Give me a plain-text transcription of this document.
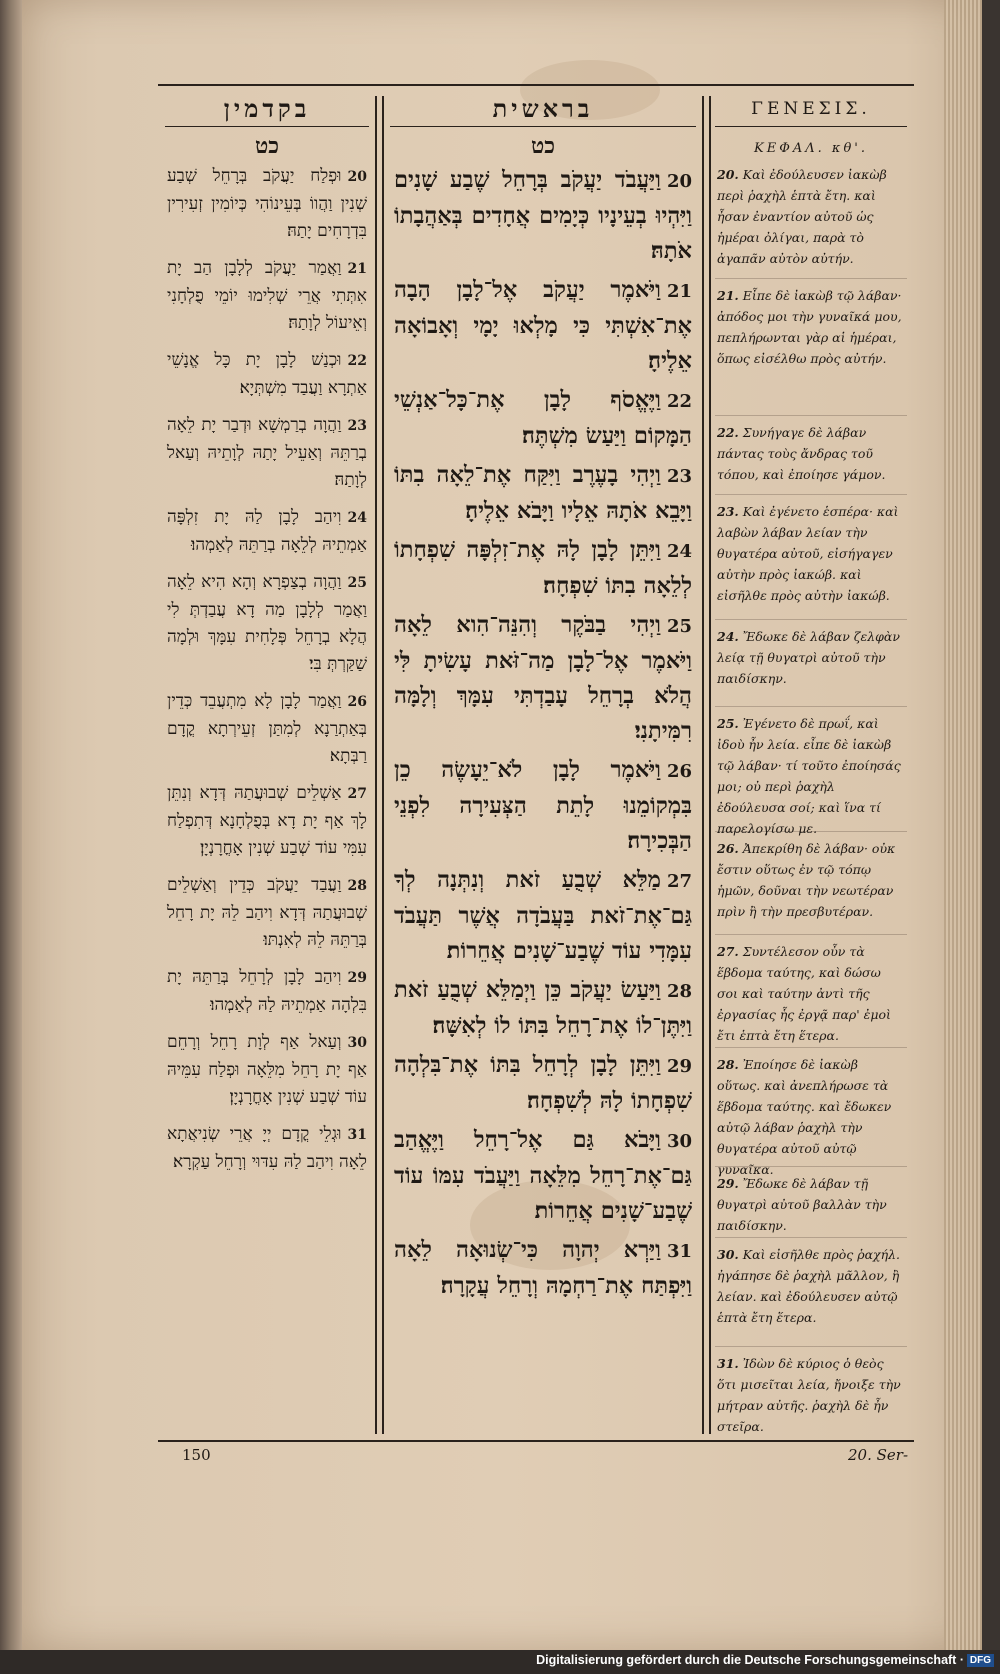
בקדמין
כט

20וּפְלַח יַעֲקֹב בְּרָחֵל שְׁבַע שְׁנִין וַהֲווֹ בְּעֵינוֹהִי כְּיוֹמִין זְעִירִין בִּדְרָחִים יָתַהּ׃

21וַאֲמַר יַעֲקֹב לְלָבָן הַב יָת אִתְּתִי אֲרֵי שְׁלִימוּ יוֹמֵי פֻלְחָנִי וְאֵיעוֹל לְוָתַהּ׃

22וּכְנַשׁ לָבָן יָת כָּל אֱנָשֵׁי אַתְרָא וַעֲבַד מִשְׁתְּיָא׃

23וַהֲוָה בְרַמְשָׁא וּדְבַר יָת לֵאָה בְרַתֵּהּ וְאַעֵיל יָתַהּ לְוָתֵיהּ וְעַאל לְוָתַהּ׃

24וִיהַב לָבָן לַהּ יָת זִלְפָּה אַמְתֵיהּ לְלֵאָה בְרַתֵּהּ לְאַמְהוּ׃

25וַהֲוָה בְצַפְרָא וְהָא הִיא לֵאָה וַאֲמַר לְלָבָן מַה דָא עֲבַדְתְּ לִי הֲלָא בְרָחֵל פְּלָחִית עִמָּךְ וּלְמָה שַׁקַּרְתְּ בִּי׃

26וַאֲמַר לָבָן לָא מִתְעֲבֵד כְּדֵין בְּאַתְרַנָא לְמִתַּן זְעֵירְתָא קֳדָם רַבְּתָא׃

27אַשְׁלֵים שְׁבוּעֲתַהּ דְּדָא וְנִתֵּן לָךְ אַף יָת דָא בְּפֻלְחָנָא דְּתִפְלַח עִמִּי עוֹד שְׁבַע שְׁנִין אָחֳרָנְיָן׃

28וַעֲבַד יַעֲקֹב כְּדֵין וְאַשְׁלֵים שְׁבוּעֲתַהּ דְּדָא וִיהַב לֵהּ יָת רָחֵל בְּרַתֵּהּ לֵהּ לְאִנְתּוּ׃

29וִיהַב לָבָן לְרָחֵל בְּרַתֵּהּ יָת בִּלְהָה אַמְתֵיהּ לַהּ לְאַמְהוּ׃

30וְעַאל אַף לְוָת רָחֵל וְרָחֵם אַף יָת רָחֵל מִלֵּאָה וּפְלַח עִמֵּיהּ עוֹד שְׁבַע שְׁנִין אָחֳרָנְיָן׃

31וּגְלֵי קֳדָם יְיָ אֲרֵי שְׂנִיאֲתָא לֵאָה וִיהַב לַהּ עִדּוּי וְרָחֵל עַקְרָא׃

בראשית
כט

20וַיַּעֲבֹד יַעֲקֹב בְּרָחֵל שֶׁבַע שָׁנִים וַיִּהְיוּ בְעֵינָיו כְּיָמִים אֲחָדִים בְּאַהֲבָתוֹ אֹתָהּ׃

21וַיֹּאמֶר יַעֲקֹב אֶל־לָבָן הָבָה אֶת־אִשְׁתִּי כִּי מָלְאוּ יָמָי וְאָבוֹאָה אֵלֶיהָ׃

22וַיֶּאֱסֹף לָבָן אֶת־כָּל־אַנְשֵׁי הַמָּקוֹם וַיַּעַשׂ מִשְׁתֶּה׃

23וַיְהִי בָעֶרֶב וַיִּקַּח אֶת־לֵאָה בִתּוֹ וַיָּבֵא אֹתָהּ אֵלָיו וַיָּבֹא אֵלֶיהָ׃

24וַיִּתֵּן לָבָן לָהּ אֶת־זִלְפָּה שִׁפְחָתוֹ לְלֵאָה בִתּוֹ שִׁפְחָה׃

25וַיְהִי בַבֹּקֶר וְהִנֵּה־הִוא לֵאָה וַיֹּאמֶר אֶל־לָבָן מַה־זֹּאת עָשִׂיתָ לִּי הֲלֹא בְרָחֵל עָבַדְתִּי עִמָּךְ וְלָמָּה רִמִּיתָנִי׃

26וַיֹּאמֶר לָבָן לֹא־יֵעָשֶׂה כֵן בִּמְקוֹמֵנוּ לָתֵת הַצְּעִירָה לִפְנֵי הַבְּכִירָה׃

27מַלֵּא שְׁבֻעַ זֹאת וְנִתְּנָה לְךָ גַּם־אֶת־זֹאת בַּעֲבֹדָה אֲשֶׁר תַּעֲבֹד עִמָּדִי עוֹד שֶׁבַע־שָׁנִים אֲחֵרוֹת׃

28וַיַּעַשׂ יַעֲקֹב כֵּן וַיְמַלֵּא שְׁבֻעַ זֹאת וַיִּתֶּן־לוֹ אֶת־רָחֵל בִּתּוֹ לוֹ לְאִשָּׁה׃

29וַיִּתֵּן לָבָן לְרָחֵל בִּתּוֹ אֶת־בִּלְהָה שִׁפְחָתוֹ לָהּ לְשִׁפְחָה׃

30וַיָּבֹא גַּם אֶל־רָחֵל וַיֶּאֱהַב גַּם־אֶת־רָחֵל מִלֵּאָה וַיַּעֲבֹד עִמּוֹ עוֹד שֶׁבַע־שָׁנִים אֲחֵרוֹת׃

31וַיַּרְא יְהוָה כִּי־שְׂנוּאָה לֵאָה וַיִּפְתַּח אֶת־רַחְמָהּ וְרָחֵל עֲקָרָה׃

ΓΕΝΕΣΙΣ.
ΚΕΦΑΛ. κθ'.
20. Καὶ ἐδούλευσεν ἰακὼβ περὶ ῥαχὴλ ἑπτὰ ἔτη. καὶ ἦσαν ἐναντίον αὐτοῦ ὡς ἡμέραι ὀλίγαι, παρὰ τὸ ἀγαπᾶν αὐτὸν αὐτήν.
21. Εἶπε δὲ ἰακὼβ τῷ λάβαν· ἀπόδος μοι τὴν γυναῖκά μου, πεπλήρωνται γὰρ αἱ ἡμέραι, ὅπως εἰσέλθω πρὸς αὐτήν.
22. Συνήγαγε δὲ λάβαν πάντας τοὺς ἄνδρας τοῦ τόπου, καὶ ἐποίησε γάμον.
23. Καὶ ἐγένετο ἑσπέρα· καὶ λαβὼν λάβαν λείαν τὴν θυγατέρα αὐτοῦ, εἰσήγαγεν αὐτὴν πρὸς ἰακώβ. καὶ εἰσῆλθε πρὸς αὐτὴν ἰακώβ.
24. Ἔδωκε δὲ λάβαν ζελφὰν λείᾳ τῇ θυγατρὶ αὐτοῦ τὴν παιδίσκην.
25. Ἐγένετο δὲ πρωΐ, καὶ ἰδοὺ ἦν λεία. εἶπε δὲ ἰακὼβ τῷ λάβαν· τί τοῦτο ἐποίησάς μοι; οὐ περὶ ῥαχὴλ ἐδούλευσα σοί; καὶ ἵνα τί παρελογίσω με.
26. Ἀπεκρίθη δὲ λάβαν· οὐκ ἔστιν οὕτως ἐν τῷ τόπῳ ἡμῶν, δοῦναι τὴν νεωτέραν πρὶν ἢ τὴν πρεσβυτέραν.
27. Συντέλεσον οὖν τὰ ἕβδομα ταύτης, καὶ δώσω σοι καὶ ταύτην ἀντὶ τῆς ἐργασίας ἧς ἐργᾷ παρ' ἐμοὶ ἔτι ἑπτὰ ἔτη ἕτερα.
28. Ἐποίησε δὲ ἰακὼβ οὕτως. καὶ ἀνεπλήρωσε τὰ ἕβδομα ταύτης. καὶ ἔδωκεν αὐτῷ λάβαν ῥαχὴλ τὴν θυγατέρα αὐτοῦ αὐτῷ γυναῖκα.
29. Ἔδωκε δὲ λάβαν τῇ θυγατρὶ αὐτοῦ βαλλὰν τὴν παιδίσκην.
30. Καὶ εἰσῆλθε πρὸς ῥαχήλ. ἠγάπησε δὲ ῥαχὴλ μᾶλλον, ἢ λείαν. καὶ ἐδούλευσεν αὐτῷ ἑπτὰ ἔτη ἕτερα.
31. Ἰδὼν δὲ κύριος ὁ θεὸς ὅτι μισεῖται λεία, ἤνοιξε τὴν μήτραν αὐτῆς. ῥαχὴλ δὲ ἦν στεῖρα.
150	20. Ser-
Digitalisierung gefördert durch die Deutsche Forschungsgemeinschaft · DFG
